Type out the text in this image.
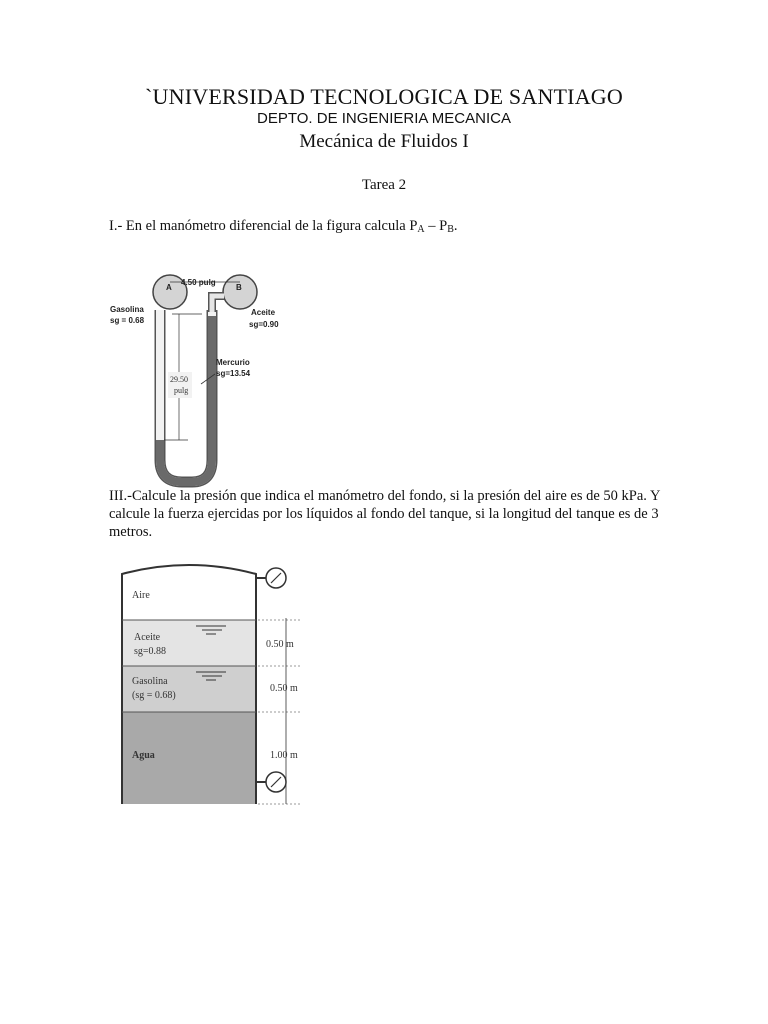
`UNIVERSIDAD TECNOLOGICA DE SANTIAGO
DEPTO. DE INGENIERIA MECANICA
Mecánica de Fluidos I
Tarea 2
I.- En el manómetro diferencial de la figura calcula $P_A - P_B$.
4.50 pulg
A	B
Gasolina
sg = 0.68
Aceite
sg=0.90
Mercurio
sg=13.54
29.50
pulg
III.-Calcule la presión que indica el manómetro del fondo, si la presión del aire es de 50 kPa. Y calcule la fuerza ejercidas por los líquidos al fondo del tanque, si la longitud del tanque es de 3 metros.
Aire
Aceite
sg=0.88
Gasolina
(sg = 0.68)
Agua
0.50 m
0.50 m
1.00 m
